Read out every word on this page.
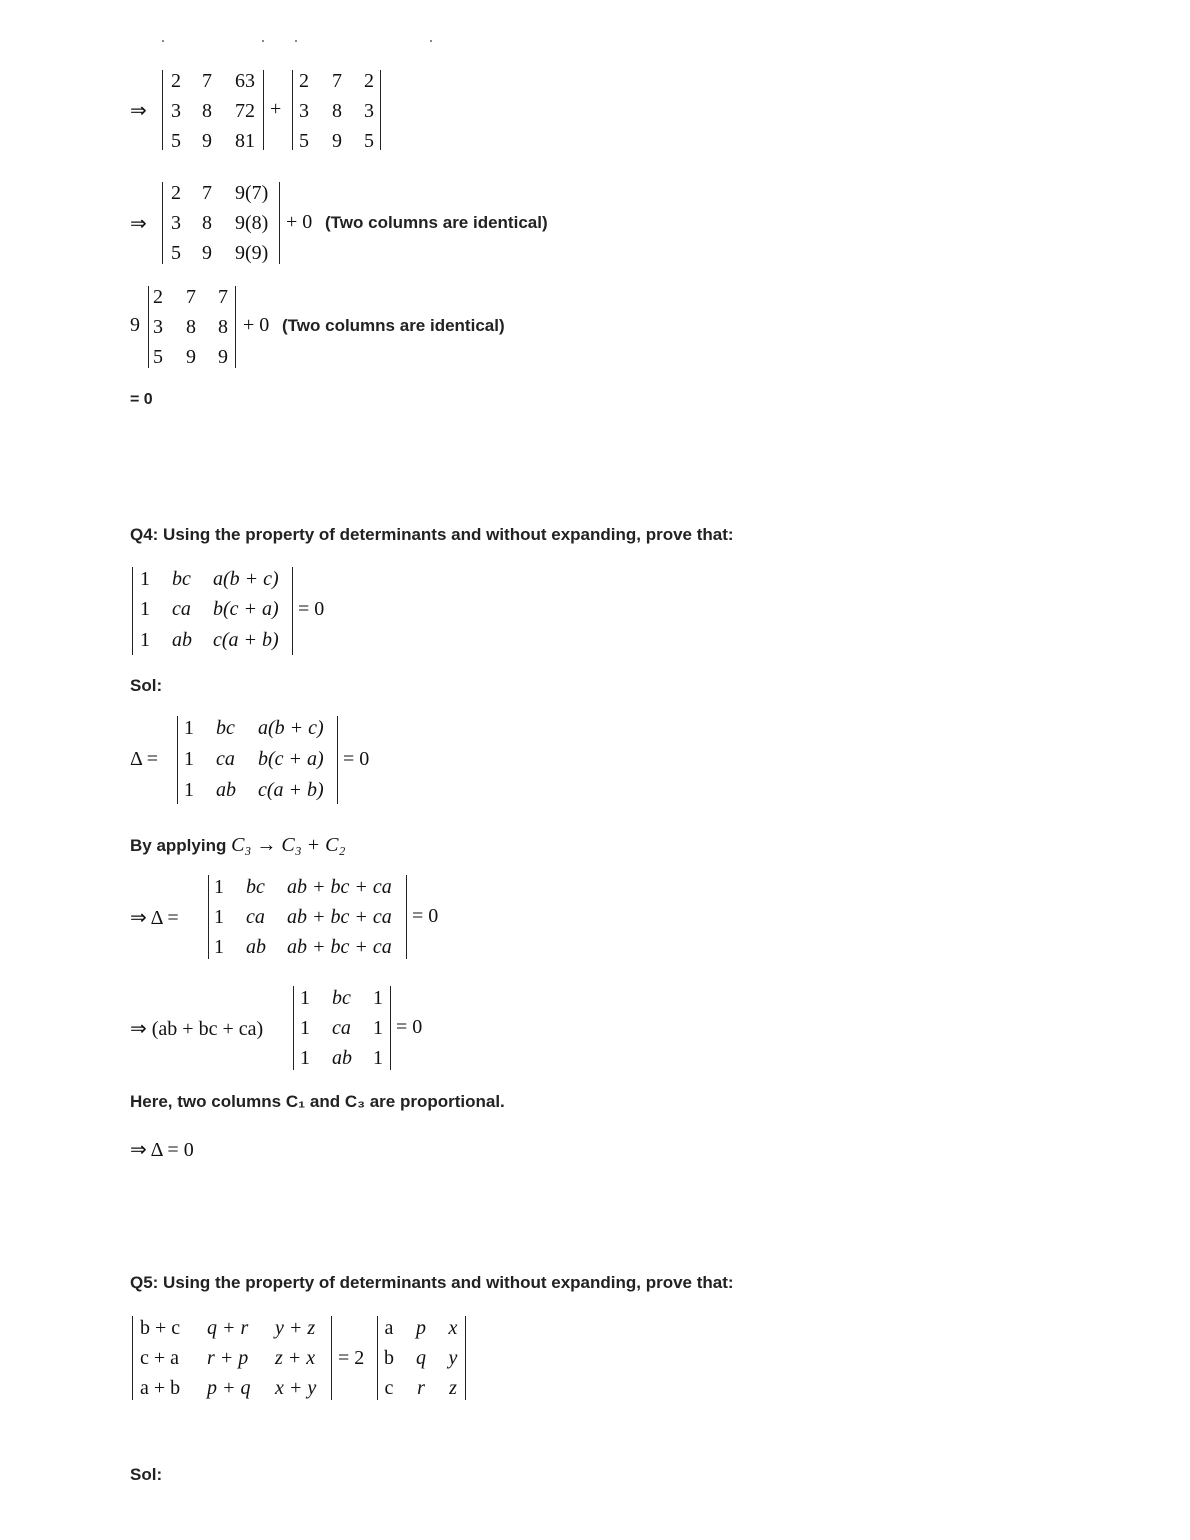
⇒
2 7 63
3 8 72
5 9 81
+
2 7 2
3 8 3
5 9 5
⇒
2 7 9(7)
3 8 9(8)
5 9 9(9)
+ 0 (Two columns are identical)
9
2 7 7
3 8 8
5 9 9
+ 0 (Two columns are identical)
= 0
Q4: Using the property of determinants and without expanding, prove that:
1 bc a(b + c)
1 ca b(c + a)
1 ab c(a + b)
= 0
Sol:
Δ =
1 bc a(b + c)
1 ca b(c + a)
1 ab c(a + b)
= 0
By applying C₃ → C₃ + C₂
⇒ Δ =
1 bc ab + bc + ca
1 ca ab + bc + ca
1 ab ab + bc + ca
= 0
⇒ (ab + bc + ca)
1 bc 1
1 ca 1
1 ab 1
= 0
Here, two columns C₁ and C₃ are proportional.
⇒ Δ = 0
Q5: Using the property of determinants and without expanding, prove that:
b + c q + r y + z
c + a r + p z + x
a + b p + q x + y
= 2
a p x
b q y
c r z
Sol:
